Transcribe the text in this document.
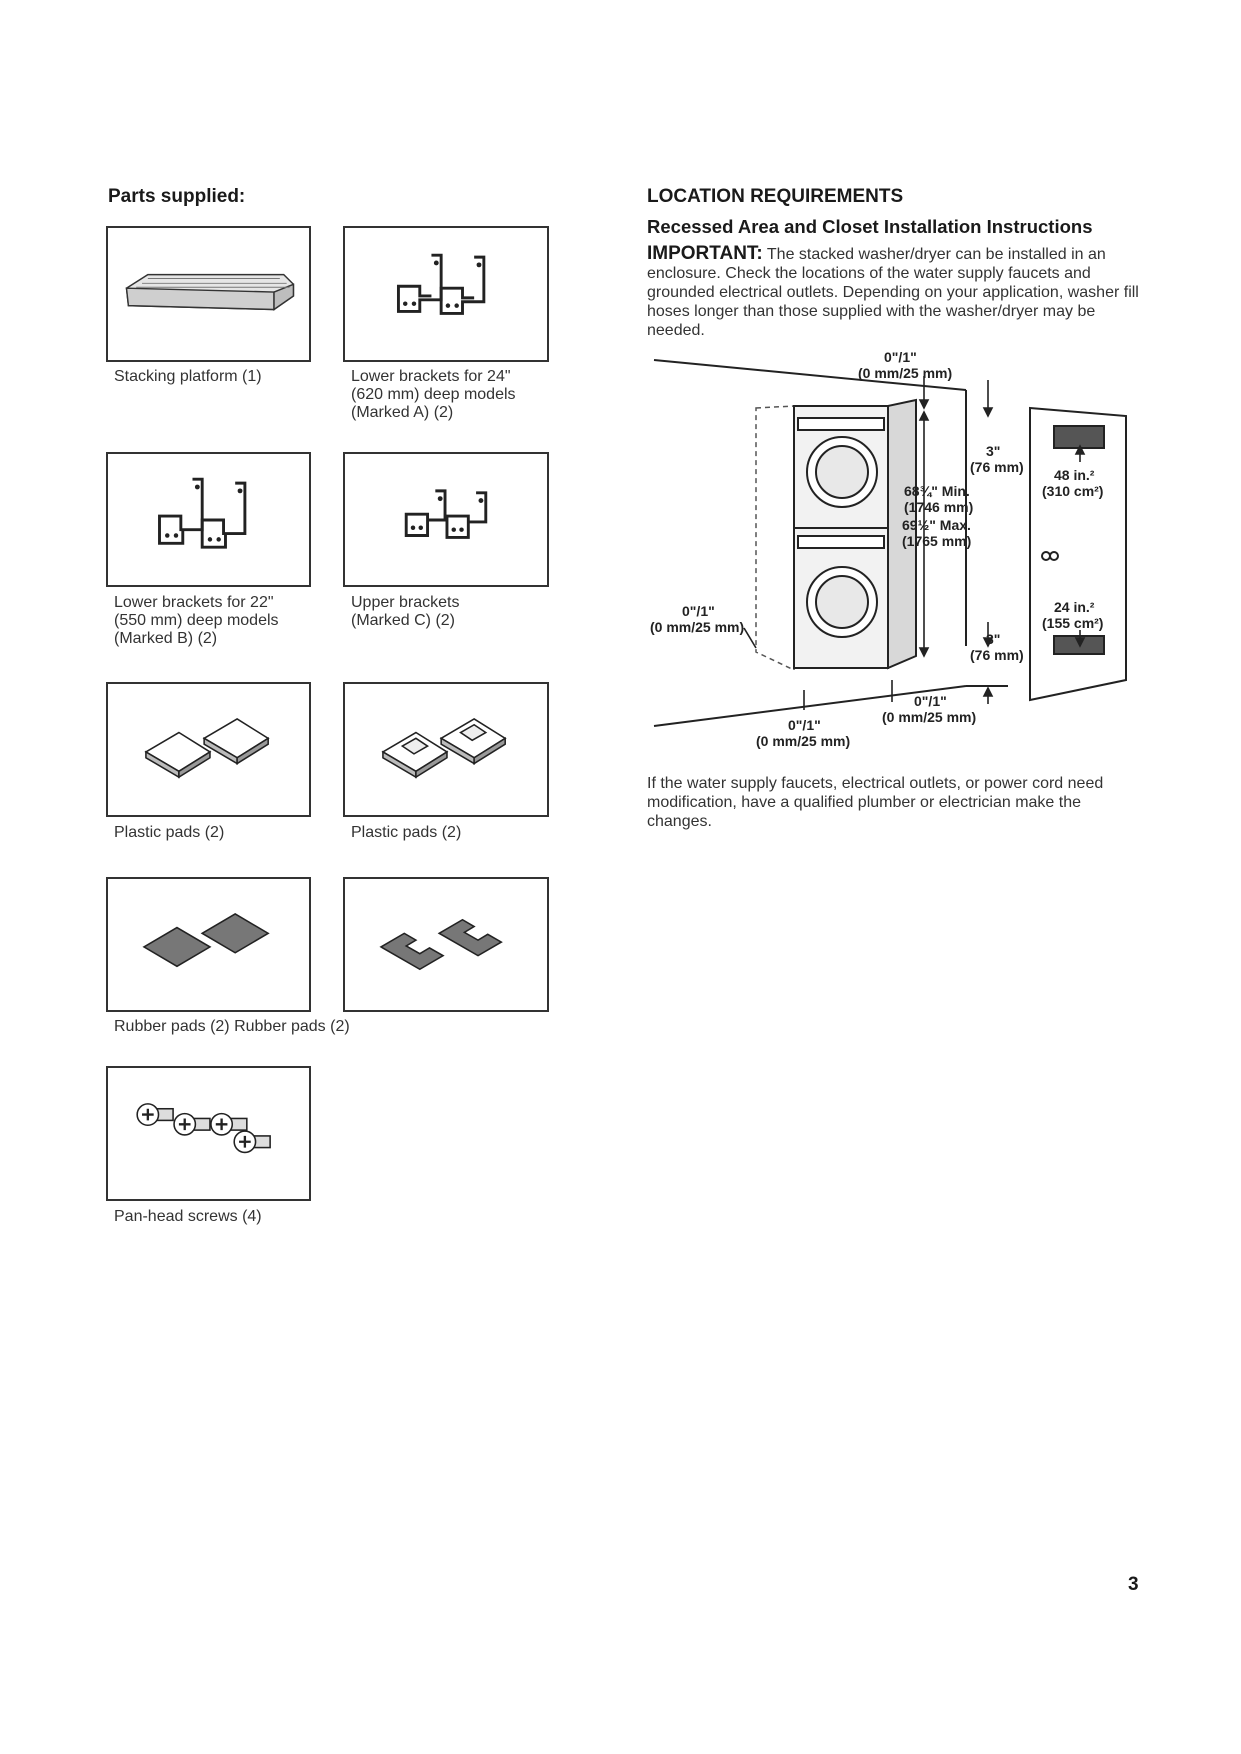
Parts supplied:
Stacking platform (1)	Lower brackets for 24"
(620 mm) deep models
(Marked A) (2)
Lower brackets for 22"
(550 mm) deep models
(Marked B) (2)
Upper brackets
(Marked C) (2)
Plastic pads (2)	Plastic pads (2)
Rubber pads (2) Rubber pads (2)
Pan-head screws (4)
LOCATION REQUIREMENTS
Recessed Area and Closet Installation Instructions
IMPORTANT: The stacked washer/dryer can be installed in an enclosure. Check the locations of the water supply faucets and grounded electrical outlets. Depending on your application, washer fill hoses longer than those supplied with the washer/dryer may be needed.
0"/1"
(0 mm/25 mm)
68¾" Min.
(1746 mm)
69½" Max.
(1765 mm)
3"
(76 mm) 48 in.²
(310 cm²)
24 in.²
(155 cm²)
3"
(76 mm)
0"/1"
(0 mm/25 mm)
0"/1"
(0 mm/25 mm)
0"/1"
(0 mm/25 mm)
If the water supply faucets, electrical outlets, or power cord need modification, have a qualified plumber or electrician make the changes.
3
